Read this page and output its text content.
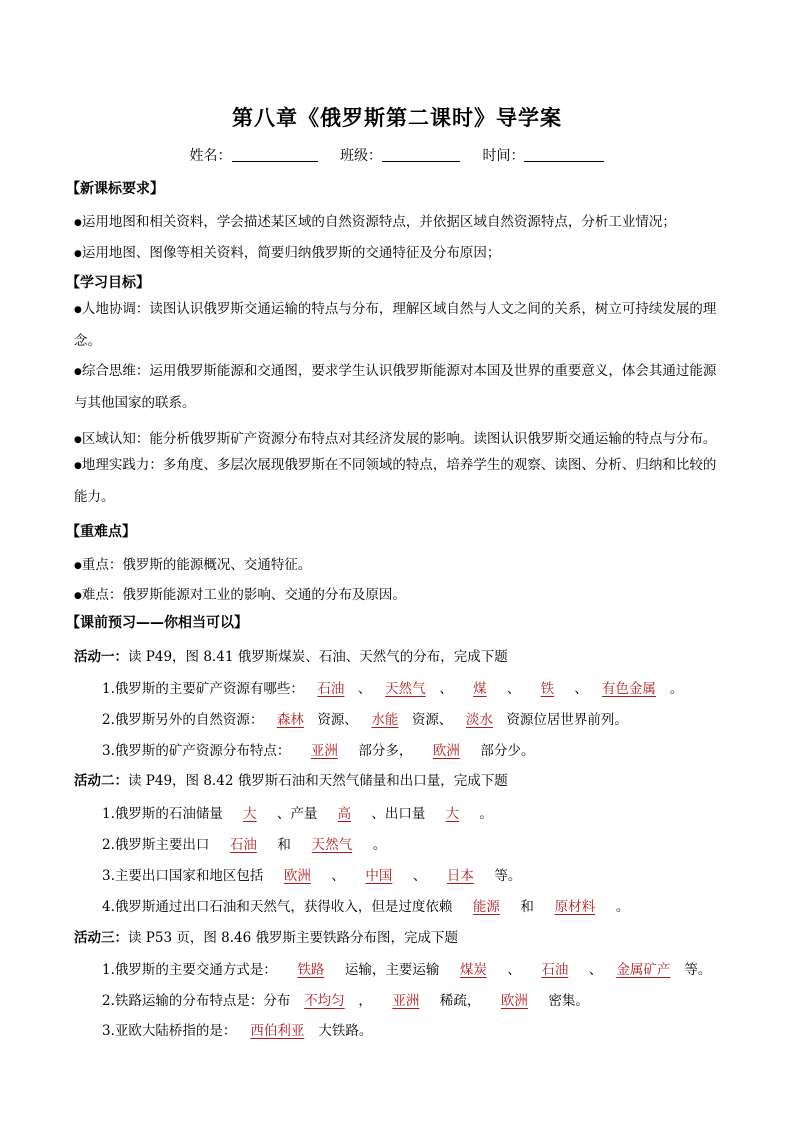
第八章《俄罗斯第二课时》导学案
姓名：	班级：	时间：
【新课标要求】
●运用地图和相关资料，学会描述某区域的自然资源特点，并依据区域自然资源特点，分析工业情况；
●运用地图、图像等相关资料，简要归纳俄罗斯的交通特征及分布原因；
【学习目标】
●人地协调：读图认识俄罗斯交通运输的特点与分布，理解区域自然与人文之间的关系，树立可持续发展的理念。
●综合思维：运用俄罗斯能源和交通图，要求学生认识俄罗斯能源对本国及世界的重要意义，体会其通过能源与其他国家的联系。
●区域认知：能分析俄罗斯矿产资源分布特点对其经济发展的影响。读图认识俄罗斯交通运输的特点与分布。
●地理实践力：多角度、多层次展现俄罗斯在不同领域的特点，培养学生的观察、读图、分析、归纳和比较的能力。
【重难点】
●重点：俄罗斯的能源概况、交通特征。
●难点：俄罗斯能源对工业的影响、交通的分布及原因。
【课前预习——你相当可以】
活动一：读 P49，图 8.41 俄罗斯煤炭、石油、天然气的分布，完成下题
1.俄罗斯的主要矿产资源有哪些： 石油 、 天然气 、 煤 、 铁 、 有色金属 。
2.俄罗斯另外的自然资源： 森林 资源、 水能 资源、 淡水 资源位居世界前列。
3.俄罗斯的矿产资源分布特点： 亚洲 部分多， 欧洲 部分少。
活动二：读 P49，图 8.42 俄罗斯石油和天然气储量和出口量，完成下题
1.俄罗斯的石油储量 大 、产量 高 、出口量 大 。
2.俄罗斯主要出口 石油 和 天然气 。
3.主要出口国家和地区包括 欧洲 、 中国 、 日本 等。
4.俄罗斯通过出口石油和天然气，获得收入，但是过度依赖 能源 和 原材料 。
活动三：读 P53 页，图 8.46 俄罗斯主要铁路分布图，完成下题
1.俄罗斯的主要交通方式是： 铁路 运输，主要运输 煤炭 、 石油 、 金属矿产 等。
2.铁路运输的分布特点是：分布 不均匀 ， 亚洲 稀疏， 欧洲 密集。
3.亚欧大陆桥指的是： 西伯利亚 大铁路。
